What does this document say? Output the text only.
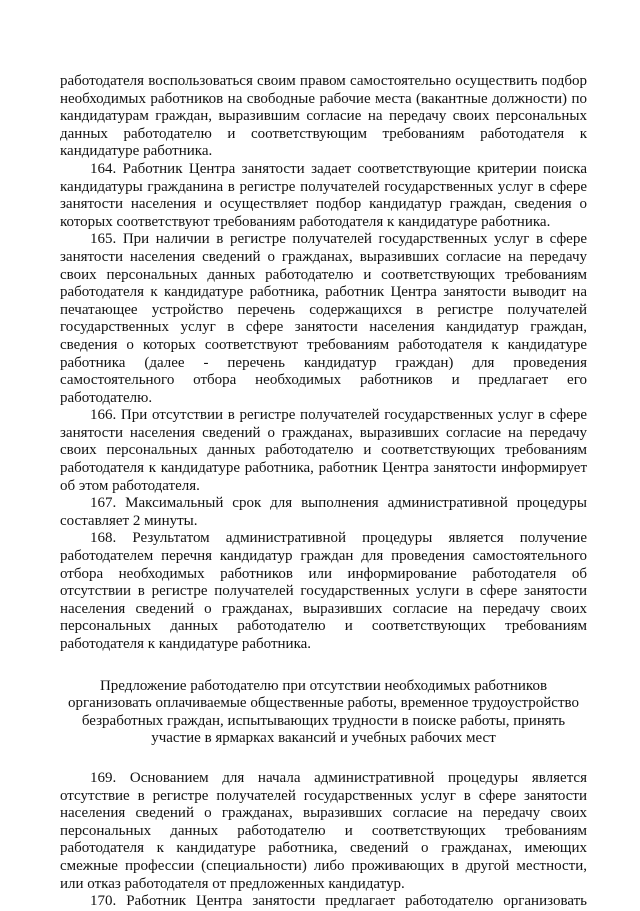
работодателя воспользоваться своим правом самостоятельно осуществить подбор необходимых работников на свободные рабочие места (вакантные должности) по кандидатурам граждан, выразившим согласие на передачу своих персональных данных работодателю и соответствующим требованиям работодателя к кандидатуре работника.

164. Работник Центра занятости задает соответствующие критерии поиска кандидатуры гражданина в регистре получателей государственных услуг в сфере занятости населения и осуществляет подбор кандидатур граждан, сведения о которых соответствуют требованиям работодателя к кандидатуре работника.

165. При наличии в регистре получателей государственных услуг в сфере занятости населения сведений о гражданах, выразивших согласие на передачу своих персональных данных работодателю и соответствующих требованиям работодателя к кандидатуре работника, работник Центра занятости выводит на печатающее устройство перечень содержащихся в регистре получателей государственных услуг в сфере занятости населения кандидатур граждан, сведения о которых соответствуют требованиям работодателя к кандидатуре работника (далее - перечень кандидатур граждан) для проведения самостоятельного отбора необходимых работников и предлагает его работодателю.

166. При отсутствии в регистре получателей государственных услуг в сфере занятости населения сведений о гражданах, выразивших согласие на передачу своих персональных данных работодателю и соответствующих требованиям работодателя к кандидатуре работника, работник Центра занятости информирует об этом работодателя.

167. Максимальный срок для выполнения административной процедуры составляет 2 минуты.

168. Результатом административной процедуры является получение работодателем перечня кандидатур граждан для проведения самостоятельного отбора необходимых работников или информирование работодателя об отсутствии в регистре получателей государственных услуги в сфере занятости населения сведений о гражданах, выразивших согласие на передачу своих персональных данных работодателю и соответствующих требованиям работодателя к кандидатуре работника.

Предложение работодателю при отсутствии необходимых работников
организовать оплачиваемые общественные работы, временное трудоустройство
безработных граждан, испытывающих трудности в поиске работы, принять
участие в ярмарках вакансий и учебных рабочих мест

169. Основанием для начала административной процедуры является отсутствие в регистре получателей государственных услуг в сфере занятости населения сведений о гражданах, выразивших согласие на передачу своих персональных данных работодателю и соответствующих требованиям работодателя к кандидатуре работника, сведений о гражданах, имеющих смежные профессии (специальности) либо проживающих в другой местности, или отказ работодателя от предложенных кандидатур.

170. Работник Центра занятости предлагает работодателю организовать
